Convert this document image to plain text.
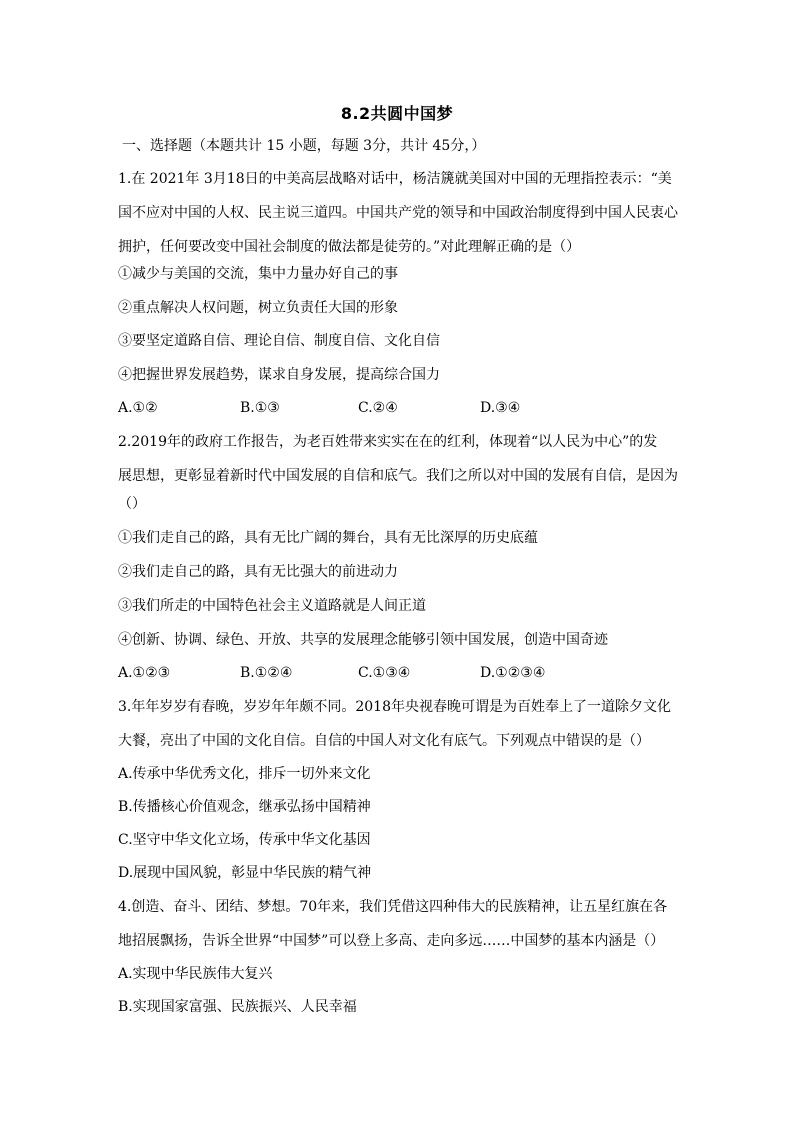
8.2共圆中国梦
一、选择题（本题共计 15 小题，每题 3分，共计 45分，）
1.在 2021年 3月18日的中美高层战略对话中，杨洁篪就美国对中国的无理指控表示：“美
国不应对中国的人权、民主说三道四。中国共产党的领导和中国政治制度得到中国人民衷心
拥护，任何要改变中国社会制度的做法都是徒劳的。”对此理解正确的是（）
①减少与美国的交流，集中力量办好自己的事
②重点解决人权问题，树立负责任大国的形象
③要坚定道路自信、理论自信、制度自信、文化自信
④把握世界发展趋势，谋求自身发展，提高综合国力
A.①②	B.①③	C.②④	D.③④
2.2019年的政府工作报告，为老百姓带来实实在在的红利，体现着“以人民为中心”的发
展思想，更彰显着新时代中国发展的自信和底气。我们之所以对中国的发展有自信，是因为
（）
①我们走自己的路，具有无比广阔的舞台，具有无比深厚的历史底蕴
②我们走自己的路，具有无比强大的前进动力
③我们所走的中国特色社会主义道路就是人间正道
④创新、协调、绿色、开放、共享的发展理念能够引领中国发展，创造中国奇迹
A.①②③	B.①②④	C.①③④	D.①②③④
3.年年岁岁有春晚，岁岁年年颇不同。2018年央视春晚可谓是为百姓奉上了一道除夕文化
大餐，亮出了中国的文化自信。自信的中国人对文化有底气。下列观点中错误的是（）
A.传承中华优秀文化，排斥一切外来文化
B.传播核心价值观念，继承弘扬中国精神
C.坚守中华文化立场，传承中华文化基因
D.展现中国风貌，彰显中华民族的精气神
4.创造、奋斗、团结、梦想。70年来，我们凭借这四种伟大的民族精神，让五星红旗在各
地招展飘扬，告诉全世界“中国梦”可以登上多高、走向多远……中国梦的基本内涵是（）
A.实现中华民族伟大复兴
B.实现国家富强、民族振兴、人民幸福
